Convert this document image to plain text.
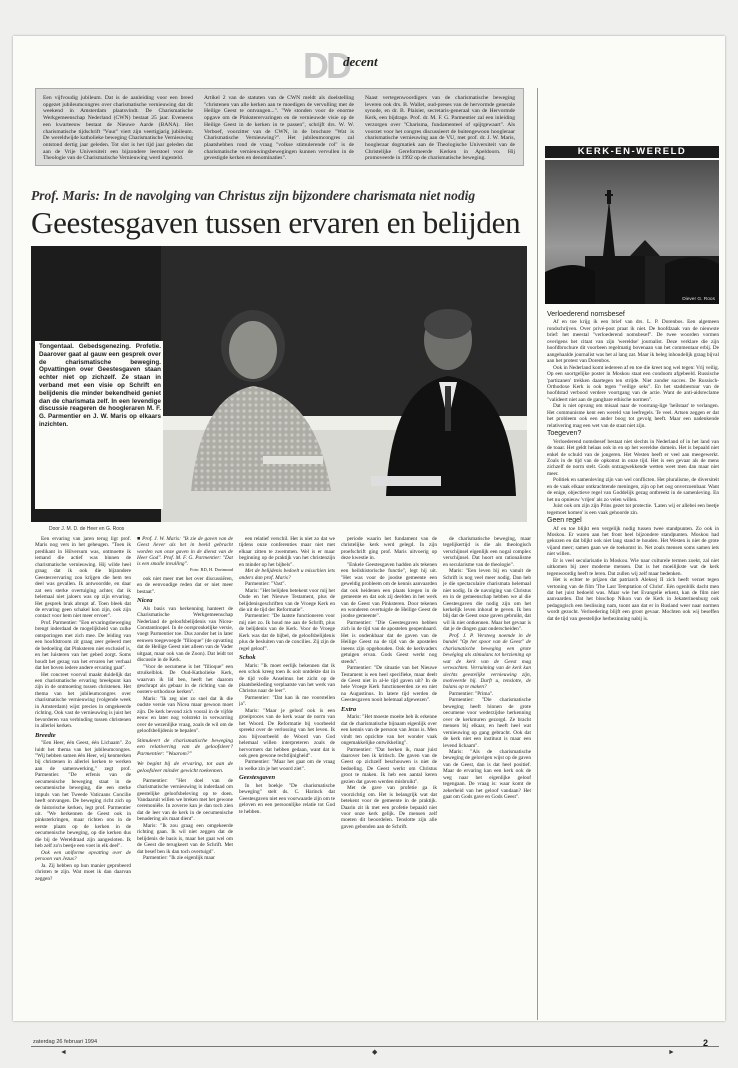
DD
decent
Een vijfvoudig jubileum. Dat is de aanleiding voor een breed opgezet jubileumcongres over charismatische vernieuwing dat dit weekend in Amsterdam plaatsvindt. De Charismatische Werkgemeenschap Nederland (CWN) bestaat 25 jaar. Eveneens een kwarteeuw bestaat de Nieuwe Aarde (BANA). Het charismatische tijdschrift "Vuur" viert zijn veertigjarig jubileum. De wereldwijde katholieke beweging Charismatische Vernieuwing ontstond dertig jaar geleden. Tot slot is het tijd jaar geleden dat aan de Vrije Universiteit een bijzondere leerstoel voor de Theologie van de Charismatische Vernieuwing werd ingesteld.
Artikel 2 van de statuten van de CWN meldt als doelstelling "christenen van alle kerken aan te moedigen de vervulling met de Heilige Geest te ontvangen...". "We stonden voor de enorme opgave om de Pinksterervaringen en de vernieuwde visie op de Heilige Geest in de kerken in te passen", schrijft drs. W. W. Verboef, voorzitter van de CWN, in de brochure "Wat is Charismatische Vernieuwing?". Het jubileumcongres zal plaatshebben rond de vraag "volkse stimulerende rol" is de charismatische vernieuwingsbewegingen kunnen vervullen in de gevestigde kerken en denominaties".
Naast vertegenwoordigers van de charismatische beweging leveren ook drs. B. Wallet, oud-preses van de hervormde generale synode, en dr. B. Plaisier, secretaris-generaal van de Hervormde Kerk, een bijdrage. Prof. dr. M. F. G. Parmentier zal een inleiding verzorgen over "Charisma, fundamenteel of spijtgewaart". Als voorzet voor het congres discussieert de buitengewoon hoogleraar charismatische vernieuwing aan de VU, met prof. dr. J. W. Maris, hoogleraar dogmatiek aan de Theologische Universiteit van de Christelijke Gereformeerde Kerken in Apeldoorn. Hij promoveerde in 1992 op de charismatische beweging.
Prof. Maris: In de navolging van Christus zijn bijzondere charismata niet nodig
Geestesgaven tussen ervaren en belijden
Tongentaal. Gebedsgenezing. Profetie. Daarover gaat al gauw een gesprek over de charismatische beweging. Opvattingen over Geestesgaven staan echter niet op zichzelf. Ze staan in verband met een visie op Schrift en belijdenis die minder bekendheid geniet dan de charismata zelf. In een levendige discussie reageren de hoogleraren M. F. G. Parmentier en J. W. Maris op elkaars inzichten.
Door J. M. D. de Heer en G. Roos

Een ervaring van jaren terug ligt prof. Maris nog vers in het geheugen. "Toen ik predikant in Hilversum was, ontmoette ik iemand die actief was binnen de charismatische vernieuwing. Hij wilde heel graag dat ik ook die bijzondere Geestesvervaring zou krijgen die hem ten deel was gevallen. Ik antwoordde, en daar zat een sterke overtuiging achter, dat ik helemaal niet jaloers was op zijn ervaring. Het gesprek brak abrupt af. Toen bleek dat de ervaring geen schakel kon zijn, ook zijn contact voor hem niet meer ervoer".

Prof. Parmentier: "Een ervaringsbeweging brengt inderdaad de mogelijkheid van zulke ontsporingen met zich mee. De leiding van een hoofdstroom zit graag zeer geleerd met de bedoeling dat Pinksteren niet exclusief is, en het luisteren van het gebed zorgt. Soms houdt het gezag van het ervaren het verhaal dat het boven iedere andere ervaring gaat".

Het concreet voorval maakt duidelijk dat een charismatische ervaring breekpunt kan zijn in de ontmoeting tussen christenen. Het thema van het jubileumcongres over charismatische vernieuwing (volgende week in Amsterdam) wijst precies in omgekeerde richting. Ook vast de vernieuwing is juist het bevorderen van verbinding tussen christenen in allerlei kerken.

Breedte

"Een Heer, één Geest, één Lichaam". Zo luidt het thema van het jubileumcongres. "Wij hebben samen één Heer, wij kenmerken bij christenen in allerlei kerken te werken aan de samenwerking," zegt prof. Parmentier. "De erfenis van de oecumenische beweging staat in de oecumenische beweging, die een sterke impuls van het Tweede Vaticaans Concilie heeft ontvangen. De beweging richt zich op de historische kerken, legt prof. Parmentier uit. "We herkennen de Geest ook in pinksterkringen, maar richten ons in de eerste plaats op de kerken in de oecumenische beweging, op die kerken dus die bij de Wereldraad zijn aangesloten. Ik heb zelf zo'n beetje een voet in elk deel".

Ook een uniforme opvatting over de persoon van Jezus?

Ja. Zij hebben op hun manier geprobeerd christen te zijn. Wat moet ik dan daarvan zeggen?

■ Prof. J. W. Maris: "Ik zie de gaven van de Geest liever als het in beeld gebracht worden van onze gaven in de dienst van de Heer God". Prof. M. F. G. Parmentier: "Dat is een smalle invulling".
Foto: RD, H. Dortmund

ook niet meer met het over discussiëren, en de eenvoudige reden dat er niet meer bestaat".

Nicea

Als basis van herkenning hanteert de Charismatische Werkgemeenschap Nederland de geloofsbelijdenis van Nicea-Constantinopel. In de oorspronkelijke versie, voegt Parmentier toe. Dus zonder het in later eeuwen toegevoegde "filioque" (de opvatting dat de Heilige Geest niet alleen van de Vader uitgaat, maar ook van de Zoon). Dat leidt tot discussie in de Kerk.

"Voor de oecumene is het "filioque" een struikelblok. De Oud-Katholieke Kerk, waarvan ik lid ben, heeft het daarom geschrapt als gebaar in de richting van de oosters-orthodoxe kerken".

Maris: "Ik zeg niet zo snel dat ik die oudste versie van Nicea maar gewoon moet zijn. De kerk bevond zich vooral in de vijfde eeuw en later nog volstrekt in verwarring over de wezenlijke vraag, zoals de wil om de geloofsbelijdenis te bepalen".

Stimuleert de charismatische beweging een relativering van de geloofsleer? Parmentier: "Waarom?"
We begint bij de ervaring, tot aan de geloofsleer minder gewicht toekennen.

Parmentier: "Het doel van de charismatische vernieuwing is inderdaad om geestelijke geloofsbeleving op te doen. Vandaaruit willen we breken met het gewone ceremoniële. In zoverre kan je dan toch zien dat de leer van de kerk in de oecumenische benadering als maat dient".

Maris: "Ik zou graag een omgekeerde richting gaan. Ik wil niet zeggen dat de belijdenis de basis is, maar het gaat wel om de Geest die terugkeert van de Schrift. Met dat besef ben ik dan toch overtuigd".

Parmentier: "Ik zie eigenlijk maar

een relatief verschil. Het is niet zo dat we tijdens onze conferenties maar niet met elkaar zitten te zwemmen. Wel is er maar beginning op de praktijk van het christenzijn en minder op het bijbels".

Met de belijdenis bedoelt u misschien iets anders dan prof. Maris?

Parmentier: "Vast".

Maris: "Het belijden betekent voor mij het Oude en het Nieuwe Testament, plus de belijdenisgeschriften van de Vroege Kerk en die uit de tijd der Reformatie".

Parmentier: "De laatste functioneren voor mij niet zo. Ik houd me aan de Schrift, plus de belijdenis van de Kerk. Voor de Vroege Kerk was dat de bijbel, de geloofsbelijdenis plus de besluiten van de concilies. Zij zijn de regel geloof".

Schok

Maris: "Ik moet eerlijk bekennen dat ik een schok kreeg toen ik ooit ontdekte dat in de tijd volle Anselmus het zicht op de plaatsbekleding verplaatste van het werk van Christus naar de leer".

Parmentier: "Dat kan ik me voorstellen ja".

Maris: "Maar je geloof ook is een groeiproces van de kerk waar de norm van het Woord. De Reformatie bij voorbeeld spreekt over de verlossing van het leven. Ik zou bijvoorbeeld de Woord van God helemaal willen interpreteren zoals de hervormers dat hebben gedaan, want dat is ook geen gewone rechtlijnigheid".

Parmentier: "Maar het gaat om de vraag in welke zin je het woord ziet".

Geestesgaven

In het boekje "De charismatische beweging" stelt ds. C. Harinck dat Geestesgaven niet een voorwaarde zijn om te geloven en een persoonlijke relatie tot God te hebben.

periode waarin het fundament van de christelijke kerk werd gelegd. In zijn proefschrift ging prof. Maris uitvoerig op deze kwestie in.

"Enkele Geestesgaven hadden als tekenen een heilshistorische functie", legt hij uit. "Het was voor de joodse gemeente een geweldig probleem om de kennis aanvaarden dat ook heidenen een plaats kregen in de gemeente en dat ook zij deelden in het werk van de Geest van Pinksteren. Door tekenen en wonderen overtuigde de Heilige Geest de joodse gemeente".

Parmentier: "Die Geestesgaven hebben zich in de tijd van de apostelen geopenbaard. Het is ondenkbaar dat de gaven van de Heilige Geest na de tijd van de apostelen ineens zijn opgehouden. Ook de kerkvaders getuigen ervan. Gods Geest werkt nog steeds".

Parmentier: "De situatie van het Nieuwe Testament is een heel specifieke, maar deelt de Geest niet in al-le tijd gaven uit? In de hele Vroege Kerk functioneerden ze en niet na Augustinus. In latere tijd werden de Geestesgaven nooit helemaal afgewezen".

Extra

Maris: "Het moeste moeite heb ik erkenne dat de charismatische bijnaam eigenlijk over een kennis van de persoon van Jezus is. Men vindt ten opzichte van het wonder vaak ongemakkelijke ontwikkeling".

Parmentier: "Dat herken ik, maar juist daarover ben ik kritisch. De gaven van de Geest op zichzelf beschouwen is niet de bedoeling. De Geest werkt om Christus groot te maken. Ik heb een aantal keren gezien dat gaven werden misbruikt".

Met de gave van profetie ga ik voorzichtig om. Het is belangrijk wat dat betekent voor de gemeente in de praktijk. Daarin zit ik met een profetie bepaald niet voor onze kerk gelijk. De mensen zelf moeten dit beoordelen. Tenslotte zijn alle gaven gebonden aan de Schrift.

de charismatische beweging, maar tegelijkertijd is die als theologisch verschijnsel eigenlijk een nogal complex verschijnsel. Dat hoort om rationalisme en secularisme van de theologie".

Maris: "Een leven bij en vanuit de Schrift is nog veel meer nodig. Dan heb je die spectaculaire charismata helemaal niet nodig. In de navolging van Christus en in de gemeenschap hebben we al die Geestesgaven die nodig zijn om het kerkelijk leven inhoud te geven. Ik ben blij dat de Geest onze gaven gebruikt, dat wil ik niet ontkennen. Maar het gevaar is dat je de dingen gaat onderscheiden".

Prof. J. P. Versteeg noemde in de bundel "Op het spoor van de Geest" de charismatische beweging een grote bewéging als stimulans tot herziening op wat de kerk van de Geest mag verwachten. Verruiming van de kerk kan slechts geestelijke vernieuwing zijn, motiveerde hij. Durft u, tenslotte, de balans op te maken?

Parmentier: "Prima".

Parmentier: "Die charismatische beweging heeft binnen de grote oecumene voor wederzijdse herkenning over de kerkmuren gezorgd. Ze bracht mensen bij elkaar, en heeft heel wat vernieuwing op gang gebracht. Ook dat de kerk niet een instituut is maar een levend lichaam".

Maris: "Als de charismatische beweging de gelovigen wijst op de gaven van de Geest, dan is dat heel positief. Maar de ervaring kan een kerk ook de weg naar het eigenlijke geloof tegengaan. De vraag is: waar komt de zekerheid van het geloof vandaan? Het gaat om Gods gave en Gods Geest".

KERK-EN-WERELD
Diever G. Roos
Verloederend nomsbesef

Af en toe krijg ik een brief van drs. L. P. Dorenbos. Een algemeen rondschrijven. Over privé-post praat ik niet. De hoofdzaak van de nieuwste brief: het meestal "verloederend nomsbesef". De twee woorden vormen overigens het citaat van zijn 'wereldse' journalist. Deze verklare die zijn hoofdbrochure dit voorbeen regelmatig bovenaan van het commentaar erbij. De aangehaalde journalist was het al lang zat. Maar ik beleg inhoudelijk graag bijval aan het protest van Dorenbos.

Ook in Nederland komt iedereen af en toe die kreet nog wel tegen: Vrij veilig. Op een soortgelijke poster in Moskou staat een condoom afgebeeld. Russische 'partizanen' trekken daartegen ten strijde. Niet zonder succes. De Russisch-Orthodoxe Kerk is ook tegen "veilige seks". En het stadsbestuur van de hoofdstad verbood verdere voortgang van de actie. Want de anti-aidsreclame "valideert niet aan de gangbare ethische normen".

Dat is niet opvang om misaal naar de voorrang-lige 'heilstaat' te verlangen. Het communisme kent een wereld van leefregels. Te veel. Artsen zeggen er dat het probleem ook een ander boog tot gevolg heeft. Maar een nadenkende relativering mag een wet van de staat niet zijn.

Toegeven?

Verloederend nomsbesef bestaat niet slechts in Nederland of in het land van de toaar. Het geldt helaas ook in en op het wereldse domein. Het is bepaald niet enkel de schuld van de jongeren. Het Westen heeft er veel aan meegewerkt. Zoals in de tijd van de opkomst in onze tijd. Het is een gevaar als de mens zichzelf de norm stelt. Gods ontzagwekkende wetten weet men dan maar niet meer.

Politiek en samenleving zijn van wel conflicten. Het pluralisme, de diversiteit en de vaak elkaar ontkrachtende meningen, zijn op het oog onverzoenbaar. Want de enige, objectieve regel van Goddelijk gezag ontbreekt in de samenleving. En het nu opnieuw 'vrijen' als zo velen willen.

Juist ook om zijn zijn Prins gezet tot protectie. 'Laten wij er allebei een beetje tegemoet komen' is een vaak gehoorde zin.

Geen regel

Af en toe blijkt een vergelijk nodig tussen twee standpunten. Zo ook in Moskou. Er waren aan het front heel bijzondere standpunten. Moskou had gekozen en dat blijkt ook niet lang stand te houden. Het Westen is niet de grote vijand meer; samen gaan we de toekomst in. Net zoals mensen soms samen iets niet willen.

Er is veel secularisatie in Moskou. Wie naar culturele termen zoekt, zal niet uitkomen bij zeer moderne mensen. Dat is het moeilijkste wat de kerk tegenwoordig heeft te leren. Dat zullen wij zelf maar bedenken.

Het is echter te prijzen dat patriarch Aleksej II zich heeft verzet tegen vertoning van de film 'The Last Temptation of Christ'. Eén ogenblik dacht men dat het juist bedoeld was. Maar wie het Evangelie erkent, kan de film niet aanvaarden. Dat het bisschop Nikon van de Kerk in Jekaterinenburg ook pedagogisch een beslissing nam, toont aan dat er in Rusland weer naar normen wordt gezocht. Verloedering blijft een groot gevaar. Mochten ook wij beseffen dat de tijd van geestelijke herbezinning nabij is.

zaterdag 26 februari 1994	2
◄	◆	►
